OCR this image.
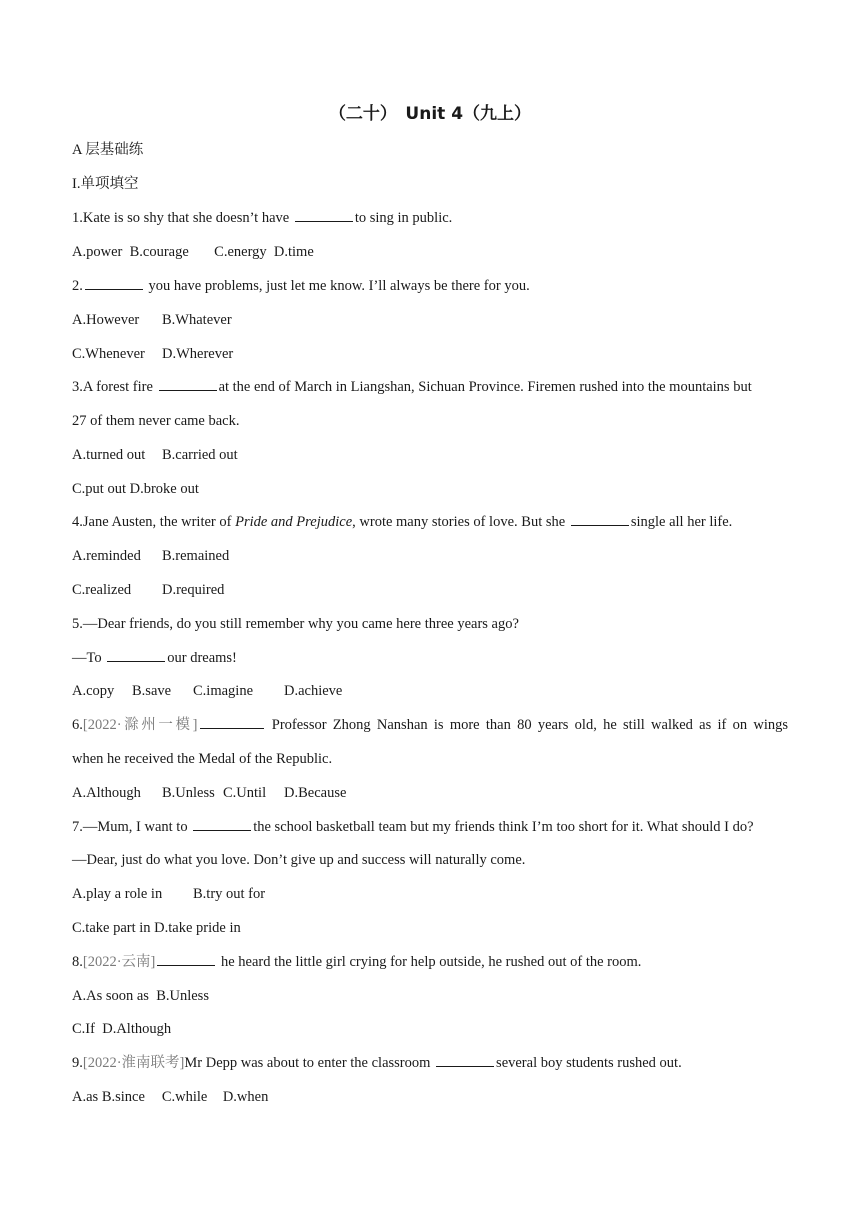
（二十）　Unit 4（九上）
A 层基础练
I.单项填空
1.Kate is so shy that she doesn’t have	to sing in public.
A.power B.courage C.energy D.time
2.	you have problems, just let me know. I’ll always be there for you.
A.However B.Whatever
C.Whenever D.Wherever
3.A forest fire	at the end of March in Liangshan, Sichuan Province. Firemen rushed into the mountains but
27 of them never came back.
A.turned out B.carried out
C.put out D.broke out
4.Jane Austen, the writer of Pride and Prejudice, wrote many stories of love. But she	single all her life.
A.reminded B.remained
C.realized D.required
5.—Dear friends, do you still remember why you came here three years ago?
—To	our dreams!
A.copy B.save C.imagine D.achieve
6.[2022·滁州一模]	Professor Zhong Nanshan is more than 80 years old, he still walked as if on wings
when he received the Medal of the Republic.
A.Although B.Unless C.Until D.Because
7.—Mum, I want to	the school basketball team but my friends think I’m too short for it. What should I do?
—Dear, just do what you love. Don’t give up and success will naturally come.
A.play a role in B.try out for
C.take part in D.take pride in
8.[2022·云南]	he heard the little girl crying for help outside, he rushed out of the room.
A.As soon as B.Unless
C.If D.Although
9.[2022·淮南联考]Mr Depp was about to enter the classroom	several boy students rushed out.
A.as B.since C.while D.when
